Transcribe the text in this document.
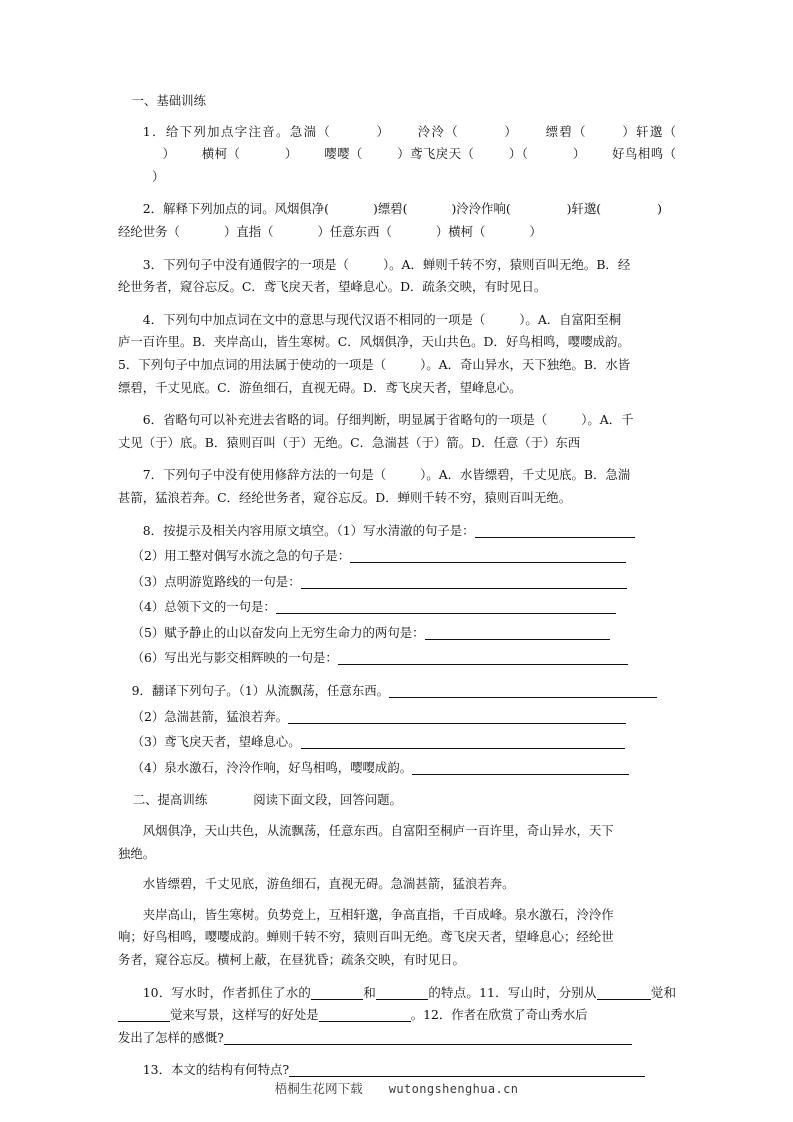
一、基础训练
1．给下列加点字注音。急湍（	） 泠泠（	） 缥碧（	）轩邈（） 横柯（	） 嘤嘤（	）鸢飞戾天（	）（	） 好鸟相鸣（）
2．解释下列加点的词。风烟俱净(	)缥碧(	)泠泠作响(	)轩邈(	)
经纶世务（	）直指（	）任意东西（	）横柯（	）
3．下列句子中没有通假字的一项是（	）。A．蝉则千转不穷，猿则百叫无绝。B．经
纶世务者，窥谷忘反。C．鸢飞戾天者，望峰息心。D．疏条交映，有时见日。
4．下列句中加点词在文中的意思与现代汉语不相同的一项是（	）。A．自富阳至桐
庐一百许里。B．夹岸高山，皆生寒树。C．风烟俱净，天山共色。D．好鸟相鸣，嘤嘤成韵。
5．下列句子中加点词的用法属于使动的一项是（	）。A．奇山异水，天下独绝。B．水皆
缥碧，千丈见底。C．游鱼细石，直视无碍。D．鸢飞戾天者，望峰息心。
6．省略句可以补充进去省略的词。仔细判断，明显属于省略句的一项是（	）。A．千
丈见（于）底。B．猿则百叫（于）无绝。C．急湍甚（于）箭。D．任意（于）东西
7．下列句子中没有使用修辞方法的一句是（	）。A．水皆缥碧，千丈见底。B．急湍
甚箭，猛浪若奔。C．经纶世务者，窥谷忘反。D．蝉则千转不穷，猿则百叫无绝。
8．按提示及相关内容用原文填空。（1）写水清澈的句子是：
（2）用工整对偶写水流之急的句子是：
（3）点明游览路线的一句是：
（4）总领下文的一句是：
（5）赋予静止的山以奋发向上无穷生命力的两句是：
（6）写出光与影交相辉映的一句是：
9．翻译下列句子。（1）从流飘荡，任意东西。
（2）急湍甚箭，猛浪若奔。
（3）鸢飞戾天者，望峰息心。
（4）泉水激石，泠泠作响，好鸟相鸣，嘤嘤成韵。
二、提高训练	阅读下面文段，回答问题。
风烟俱净，天山共色，从流飘荡，任意东西。自富阳至桐庐一百许里，奇山异水，天下
独绝。
水皆缥碧，千丈见底，游鱼细石，直视无碍。急湍甚箭，猛浪若奔。
夹岸高山，皆生寒树。负势竞上，互相轩邈，争高直指，千百成峰。泉水激石，泠泠作
响；好鸟相鸣，嘤嘤成韵。蝉则千转不穷，猿则百叫无绝。鸢飞戾天者，望峰息心；经纶世
务者，窥谷忘反。横柯上蔽，在昼犹昏；疏条交映，有时见日。
10．写水时，作者抓住了水的	和	的特点。11．写山时，分别从	觉和觉来写景，这样写的好处是	。12．作者在欣赏了奇山秀水后
发出了怎样的感慨?
13．本文的结构有何特点?
梧桐生花网下载 wutongshenghua.cn
